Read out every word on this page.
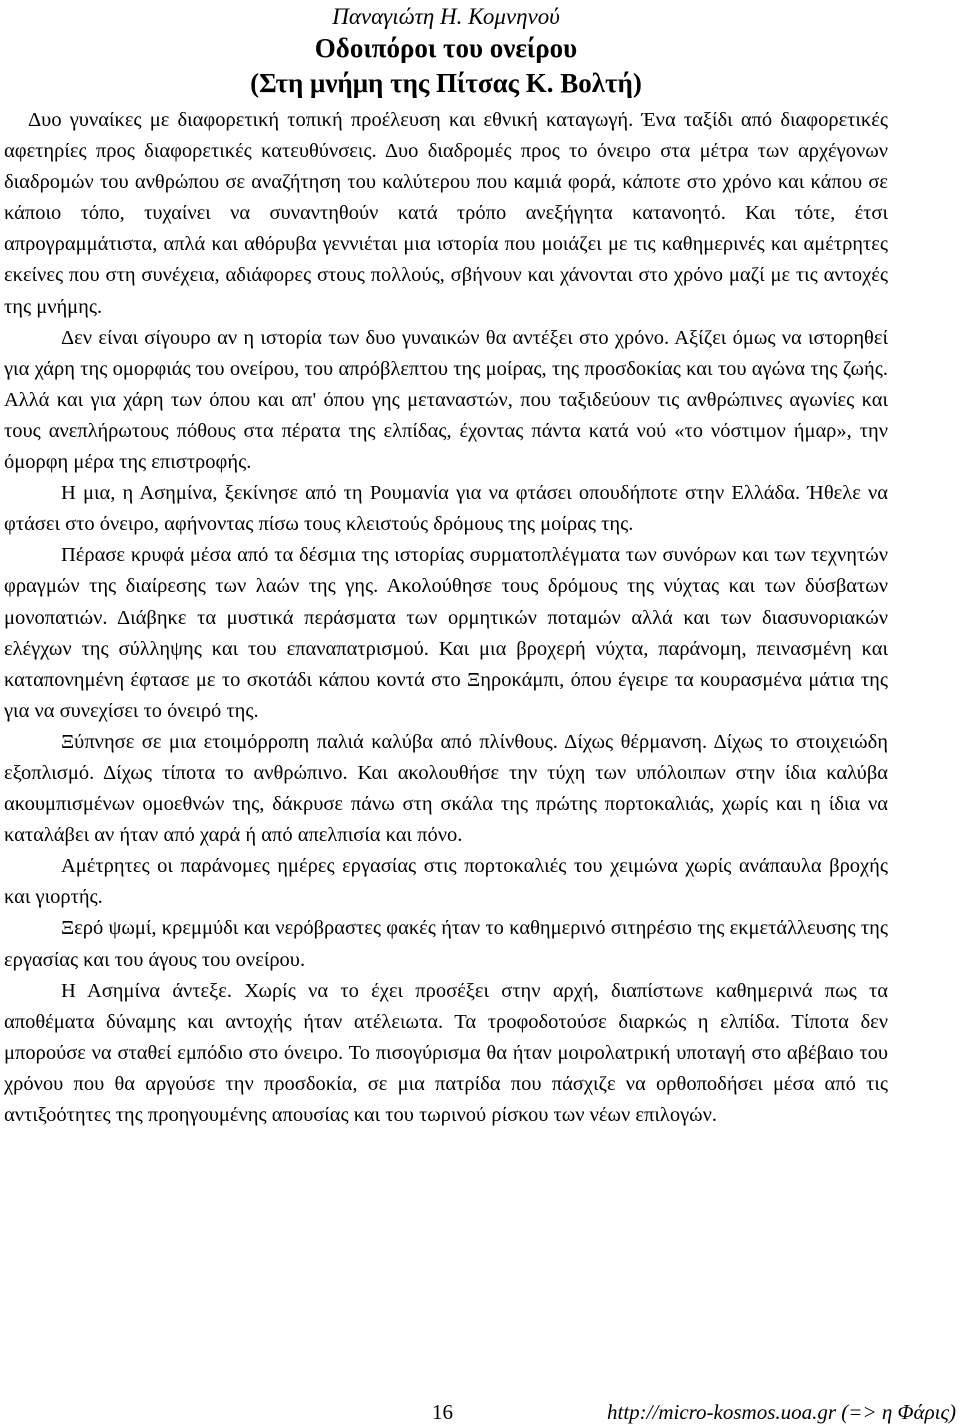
Παναγιώτη Η. Κομνηνού
Οδοιπόροι του ονείρου
(Στη μνήμη της Πίτσας Κ. Βολτή)

Δυο γυναίκες με διαφορετική τοπική προέλευση και εθνική καταγωγή. Ένα ταξίδι από διαφορετικές αφετηρίες προς διαφορετικές κατευθύνσεις. Δυο διαδρομές προς το όνειρο στα μέτρα των αρχέγονων διαδρομών του ανθρώπου σε αναζήτηση του καλύτερου που καμιά φορά, κάποτε στο χρόνο και κάπου σε κάποιο τόπο, τυχαίνει να συναντηθούν κατά τρόπο ανεξήγητα κατανοητό. Και τότε, έτσι απρογραμμάτιστα, απλά και αθόρυβα γεννιέται μια ιστορία που μοιάζει με τις καθημερινές και αμέτρητες εκείνες που στη συνέχεια, αδιάφορες στους πολλούς, σβήνουν και χάνονται στο χρόνο μαζί με τις αντοχές της μνήμης.

Δεν είναι σίγουρο αν η ιστορία των δυο γυναικών θα αντέξει στο χρόνο. Αξίζει όμως να ιστορηθεί για χάρη της ομορφιάς του ονείρου, του απρόβλεπτου της μοίρας, της προσδοκίας και του αγώνα της ζωής. Αλλά και για χάρη των όπου και απ' όπου γης μεταναστών, που ταξιδεύουν τις ανθρώπινες αγωνίες και τους ανεπλήρωτους πόθους στα πέρατα της ελπίδας, έχοντας πάντα κατά νού «το νόστιμον ήμαρ», την όμορφη μέρα της επιστροφής.

Η μια, η Ασημίνα, ξεκίνησε από τη Ρουμανία για να φτάσει οπουδήποτε στην Ελλάδα. Ήθελε να φτάσει στο όνειρο, αφήνοντας πίσω τους κλειστούς δρόμους της μοίρας της.

Πέρασε κρυφά μέσα από τα δέσμια της ιστορίας συρματοπλέγματα των συνόρων και των τεχνητών φραγμών της διαίρεσης των λαών της γης. Ακολούθησε τους δρόμους της νύχτας και των δύσβατων μονοπατιών. Διάβηκε τα μυστικά περάσματα των ορμητικών ποταμών αλλά και των διασυνοριακών ελέγχων της σύλληψης και του επαναπατρισμού. Και μια βροχερή νύχτα, παράνομη, πεινασμένη και καταπονημένη έφτασε με το σκοτάδι κάπου κοντά στο Ξηροκάμπι, όπου έγειρε τα κουρασμένα μάτια της για να συνεχίσει το όνειρό της.

Ξύπνησε σε μια ετοιμόρροπη παλιά καλύβα από πλίνθους. Δίχως θέρμανση. Δίχως το στοιχειώδη εξοπλισμό. Δίχως τίποτα το ανθρώπινο. Και ακολουθήσε την τύχη των υπόλοιπων στην ίδια καλύβα ακουμπισμένων ομοεθνών της, δάκρυσε πάνω στη σκάλα της πρώτης πορτοκαλιάς, χωρίς και η ίδια να καταλάβει αν ήταν από χαρά ή από απελπισία και πόνο.

Αμέτρητες οι παράνομες ημέρες εργασίας στις πορτοκαλιές του χειμώνα χωρίς ανάπαυλα βροχής και γιορτής.

Ξερό ψωμί, κρεμμύδι και νερόβραστες φακές ήταν το καθημερινό σιτηρέσιο της εκμετάλλευσης της εργασίας και του άγους του ονείρου.

Η Ασημίνα άντεξε. Χωρίς να το έχει προσέξει στην αρχή, διαπίστωνε καθημερινά πως τα αποθέματα δύναμης και αντοχής ήταν ατέλειωτα. Τα τροφοδοτούσε διαρκώς η ελπίδα. Τίποτα δεν μπορούσε να σταθεί εμπόδιο στο όνειρο. Το πισογύρισμα θα ήταν μοιρολατρική υποταγή στο αβέβαιο του χρόνου που θα αργούσε την προσδοκία, σε μια πατρίδα που πάσχιζε να ορθοποδήσει μέσα από τις αντιξοότητες της προηγουμένης απουσίας και του τωρινού ρίσκου των νέων επιλογών.

16	http://micro-kosmos.uoa.gr (=> η Φάρις)
